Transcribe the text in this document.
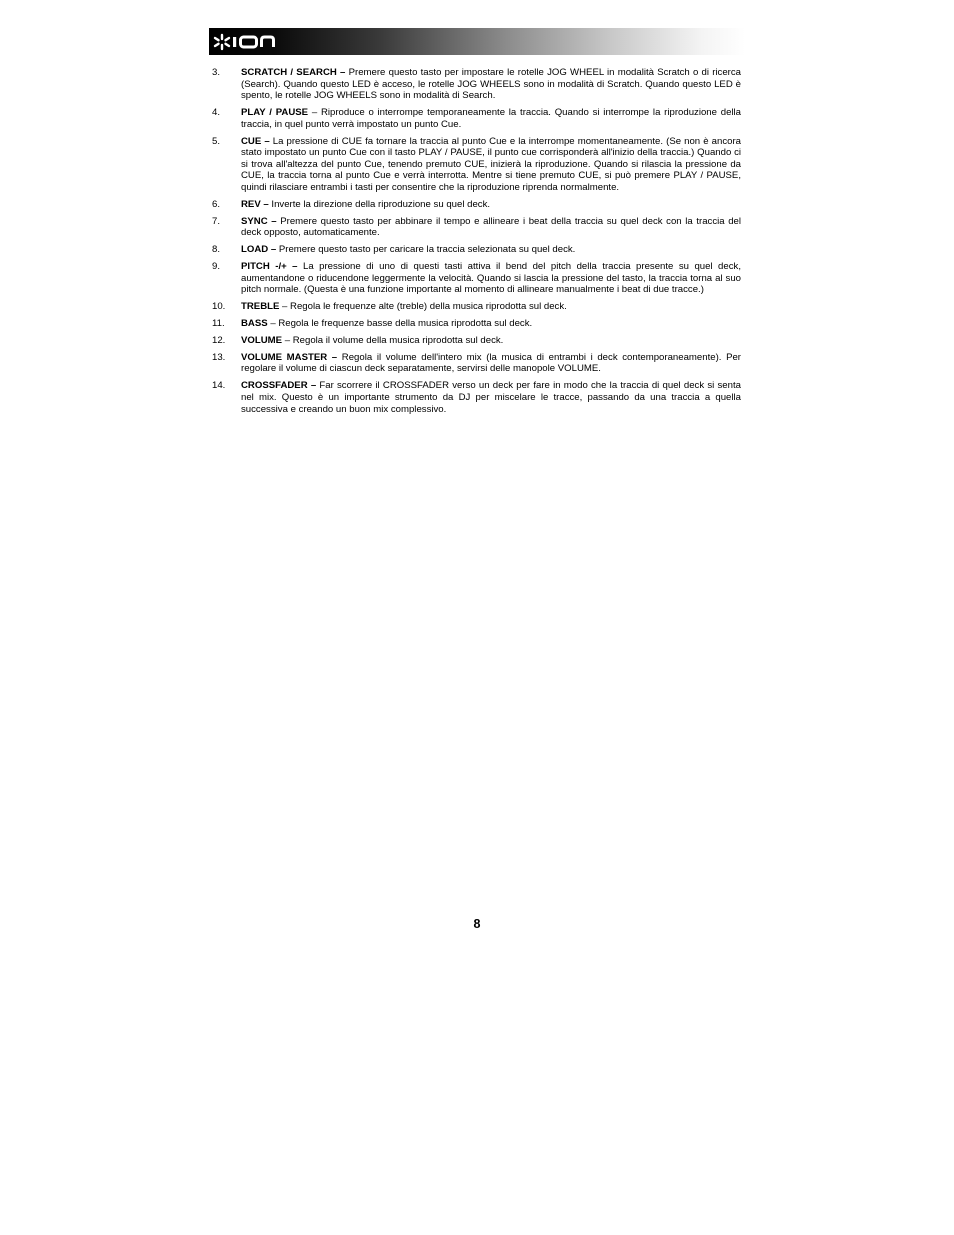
3.	SCRATCH / SEARCH – Premere questo tasto per impostare le rotelle JOG WHEEL in modalità Scratch o di ricerca (Search). Quando questo LED è acceso, le rotelle JOG WHEELS sono in modalità di Scratch. Quando questo LED è spento, le rotelle JOG WHEELS sono in modalità di Search.
4.	PLAY / PAUSE – Riproduce o interrompe temporaneamente la traccia. Quando si interrompe la riproduzione della traccia, in quel punto verrà impostato un punto Cue.
5.	CUE – La pressione di CUE fa tornare la traccia al punto Cue e la interrompe momentaneamente. (Se non è ancora stato impostato un punto Cue con il tasto PLAY / PAUSE, il punto cue corrisponderà all'inizio della traccia.) Quando ci si trova all'altezza del punto Cue, tenendo premuto CUE, inizierà la riproduzione. Quando si rilascia la pressione da CUE, la traccia torna al punto Cue e verrà interrotta. Mentre si tiene premuto CUE, si può premere PLAY / PAUSE, quindi rilasciare entrambi i tasti per consentire che la riproduzione riprenda normalmente.
6.	REV – Inverte la direzione della riproduzione su quel deck.
7.	SYNC – Premere questo tasto per abbinare il tempo e allineare i beat della traccia su quel deck con la traccia del deck opposto, automaticamente.
8.	LOAD – Premere questo tasto per caricare la traccia selezionata su quel deck.
9.	PITCH -/+ – La pressione di uno di questi tasti attiva il bend del pitch della traccia presente su quel deck, aumentandone o riducendone leggermente la velocità. Quando si lascia la pressione del tasto, la traccia torna al suo pitch normale. (Questa è una funzione importante al momento di allineare manualmente i beat di due tracce.)
10.	TREBLE – Regola le frequenze alte (treble) della musica riprodotta sul deck.
11.	BASS – Regola le frequenze basse della musica riprodotta sul deck.
12.	VOLUME – Regola il volume della musica riprodotta sul deck.
13.	VOLUME MASTER – Regola il volume dell'intero mix (la musica di entrambi i deck contemporaneamente). Per regolare il volume di ciascun deck separatamente, servirsi delle manopole VOLUME.
14.	CROSSFADER – Far scorrere il CROSSFADER verso un deck per fare in modo che la traccia di quel deck si senta nel mix. Questo è un importante strumento da DJ per miscelare le tracce, passando da una traccia a quella successiva e creando un buon mix complessivo.
8
